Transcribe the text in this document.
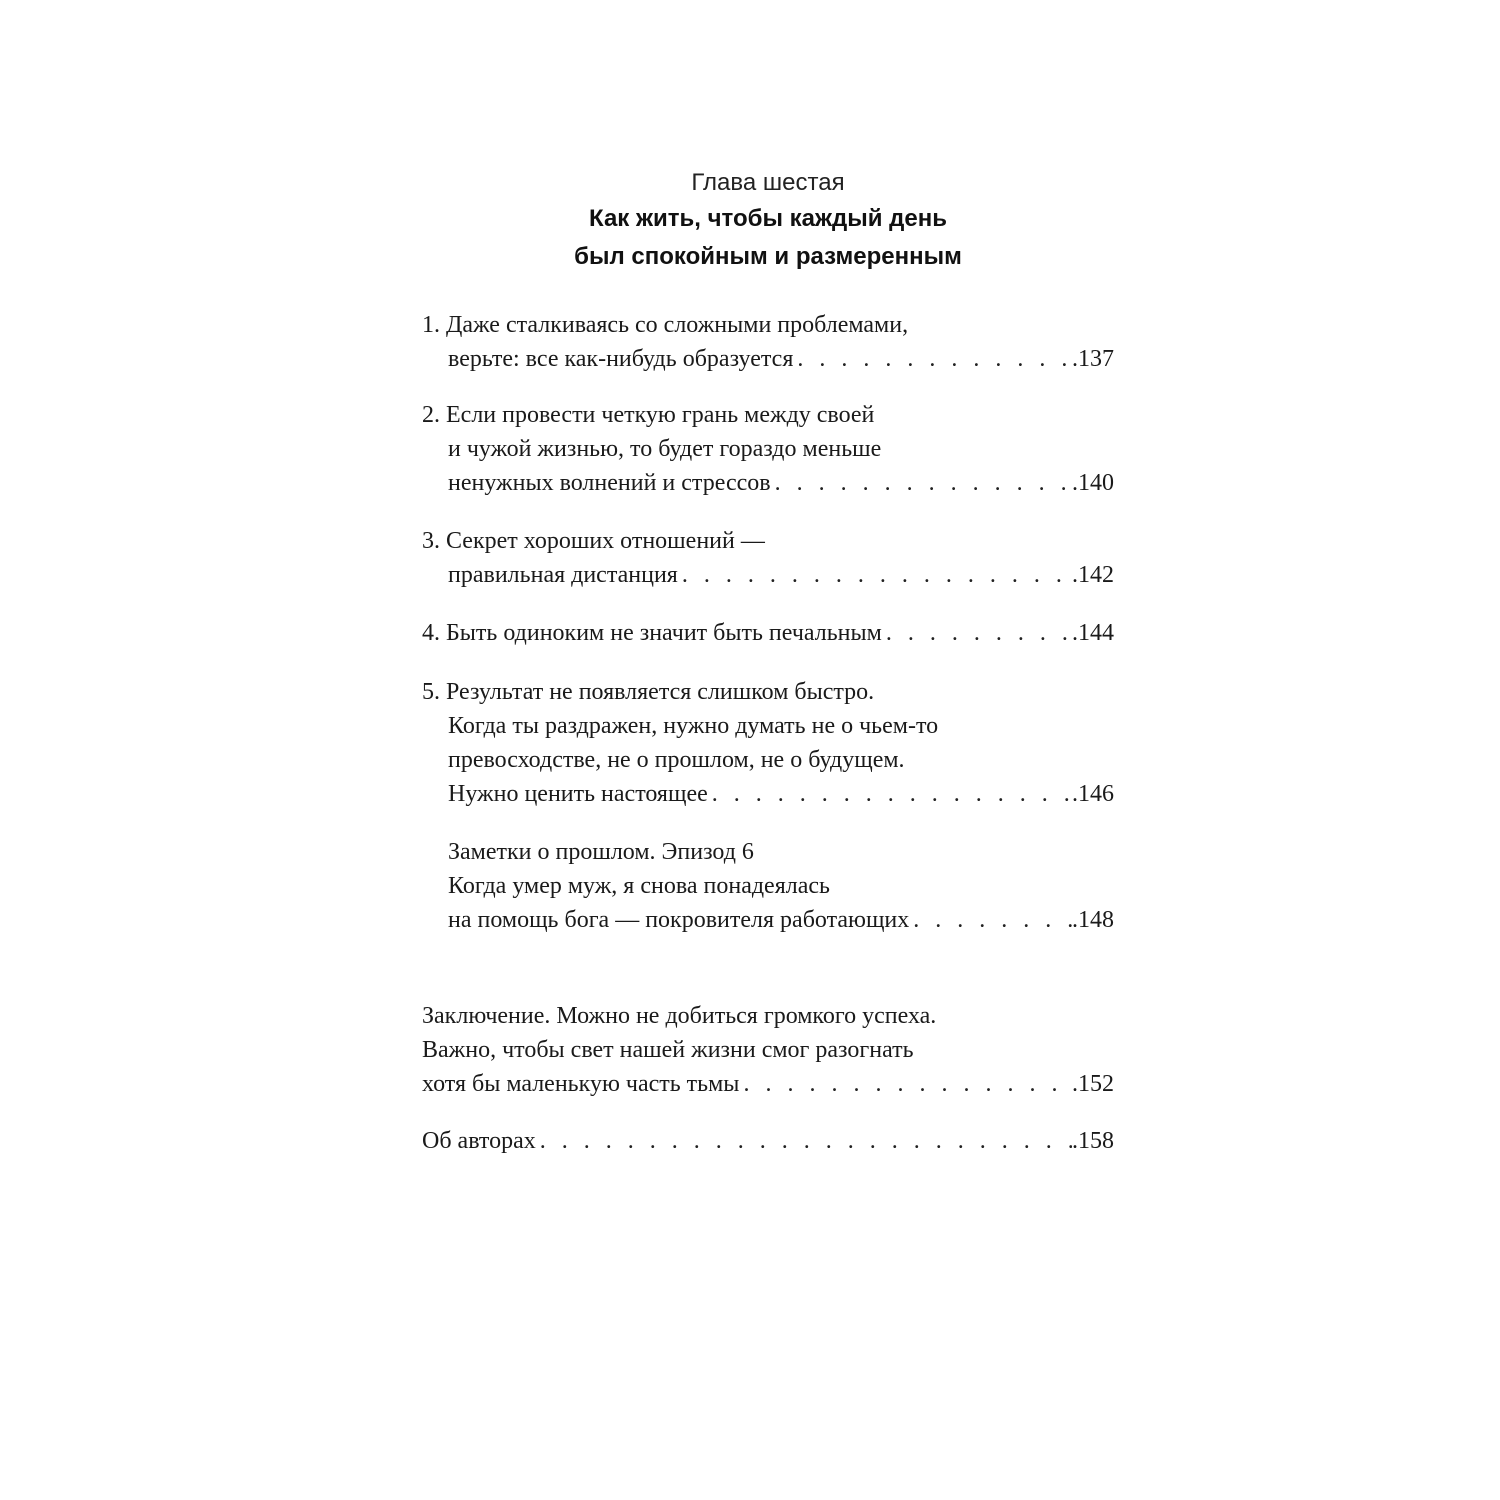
Глава шестая
Как жить, чтобы каждый день
был спокойным и размеренным
1. Даже сталкиваясь со сложными проблемами,
верьте: все как-нибудь образуется . . .	.137
2. Если провести четкую грань между своей
и чужой жизнью, то будет гораздо меньше
ненужных волнений и стрессов . . .	.140
3. Секрет хороших отношений —
правильная дистанция . . .	.142
4. Быть одиноким не значит быть печальным . . .	.144
5. Результат не появляется слишком быстро.
Когда ты раздражен, нужно думать не о чьем-то
превосходстве, не о прошлом, не о будущем.
Нужно ценить настоящее . . .	.146
Заметки о прошлом. Эпизод 6
Когда умер муж, я снова понадеялась
на помощь бога — покровителя работающих . . .	.148
Заключение. Можно не добиться громкого успеха.
Важно, чтобы свет нашей жизни смог разогнать
хотя бы маленькую часть тьмы . . .	.152
Об авторах . . .	.158
